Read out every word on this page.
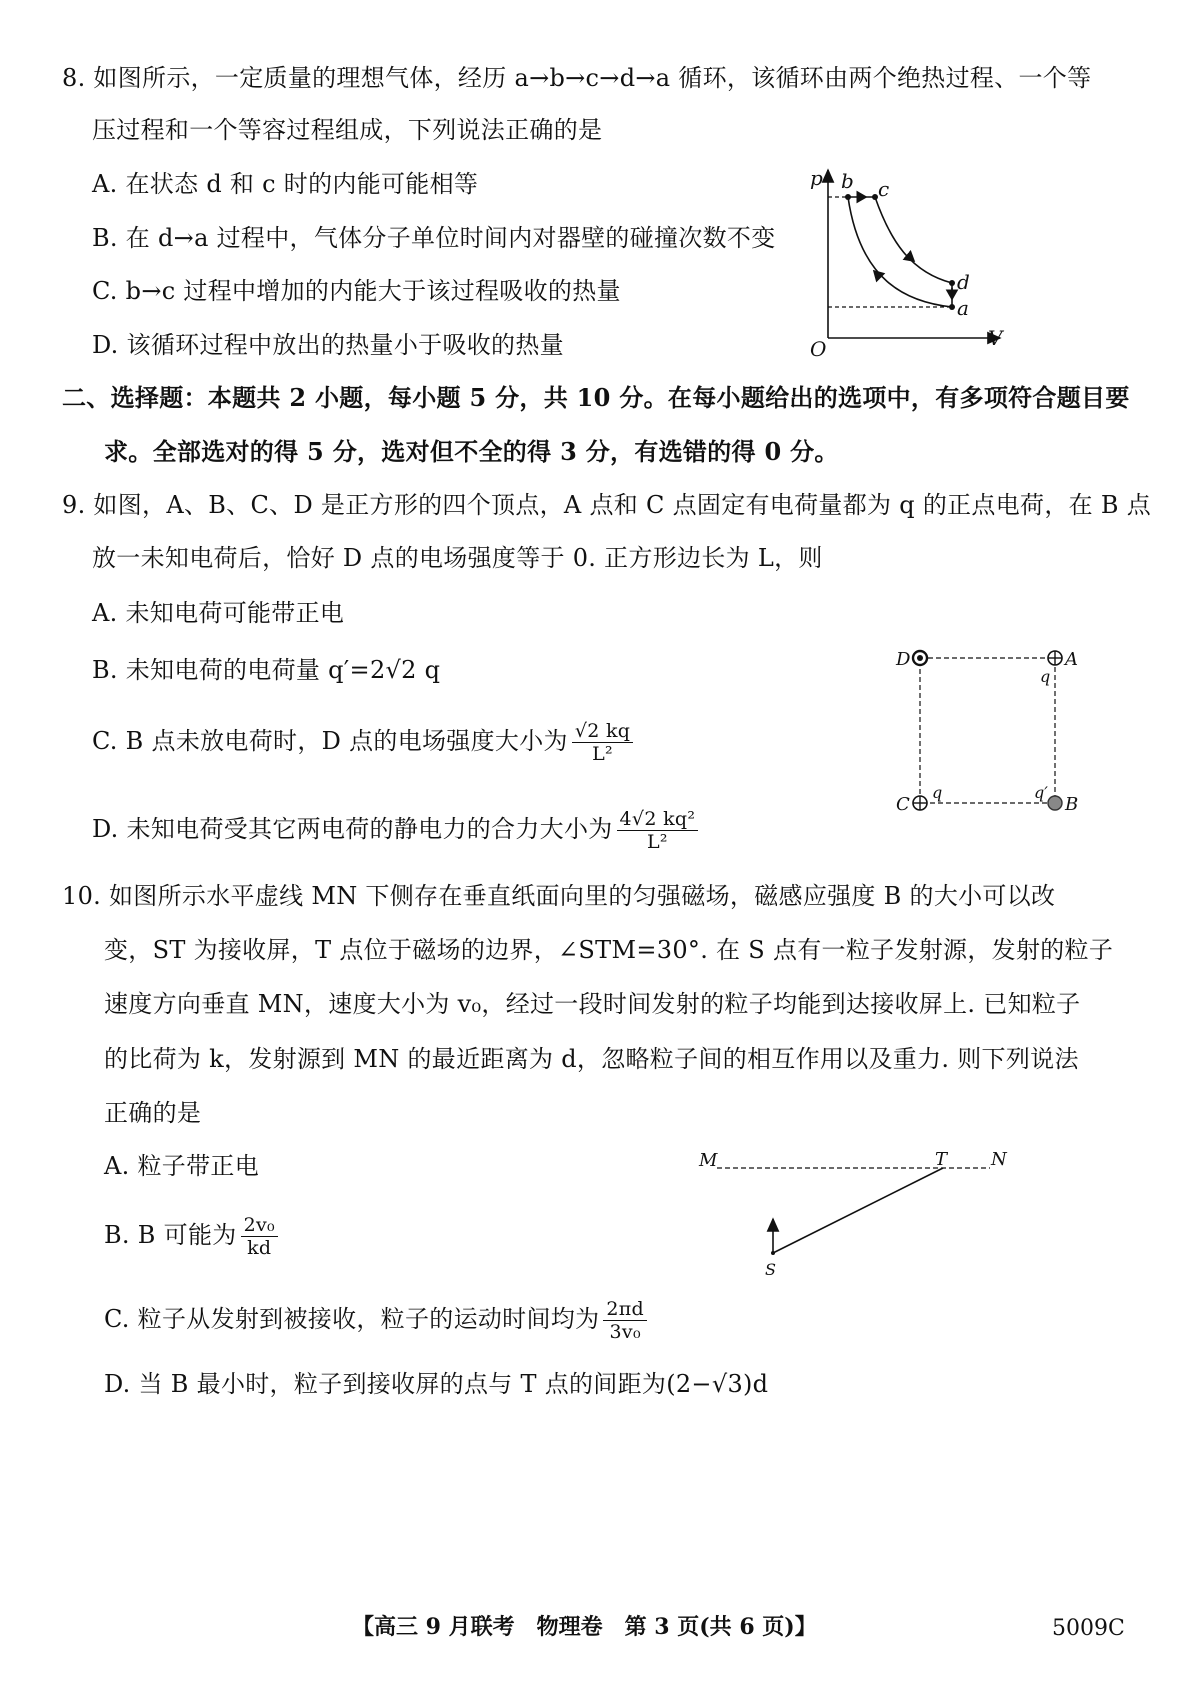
8. 如图所示，一定质量的理想气体，经历 a→b→c→d→a 循环，该循环由两个绝热过程、一个等
压过程和一个等容过程组成，下列说法正确的是
A. 在状态 d 和 c 时的内能可能相等
B. 在 d→a 过程中，气体分子单位时间内对器壁的碰撞次数不变
C. b→c 过程中增加的内能大于该过程吸收的热量
D. 该循环过程中放出的热量小于吸收的热量
p
V
O
b c
d
a
二、选择题：本题共 2 小题，每小题 5 分，共 10 分。在每小题给出的选项中，有多项符合题目要
求。全部选对的得 5 分，选对但不全的得 3 分，有选错的得 0 分。
9. 如图，A、B、C、D 是正方形的四个顶点，A 点和 C 点固定有电荷量都为 q 的正点电荷，在 B 点
放一未知电荷后，恰好 D 点的电场强度等于 0. 正方形边长为 L，则
A. 未知电荷可能带正电
B. 未知电荷的电荷量 q′=2√2 q
C. B 点未放电荷时，D 点的电场强度大小为 $\frac{√2 kq}{\text{L²}}$
D. 未知电荷受其它两电荷的静电力的合力大小为 $\frac{\text{4√2 kq²}}{\text{L²}}$
D	A
C	B
q
q	q′
10. 如图所示水平虚线 MN 下侧存在垂直纸面向里的匀强磁场，磁感应强度 B 的大小可以改
变，ST 为接收屏，T 点位于磁场的边界，∠STM=30°. 在 S 点有一粒子发射源，发射的粒子
速度方向垂直 MN，速度大小为 v₀，经过一段时间发射的粒子均能到达接收屏上. 已知粒子
的比荷为 k，发射源到 MN 的最近距离为 d，忽略粒子间的相互作用以及重力. 则下列说法
正确的是
A. 粒子带正电
B. B 可能为 $\frac{\text{2v₀}}{kd}$
C. 粒子从发射到被接收，粒子的运动时间均为 $\frac{2\pi d}{\text{3v₀}}$
D. 当 B 最小时，粒子到接收屏的点与 T 点的间距为(2−√3)d
M	T N
S
【高三 9 月联考　物理卷　第 3 页(共 6 页)】	5009C
